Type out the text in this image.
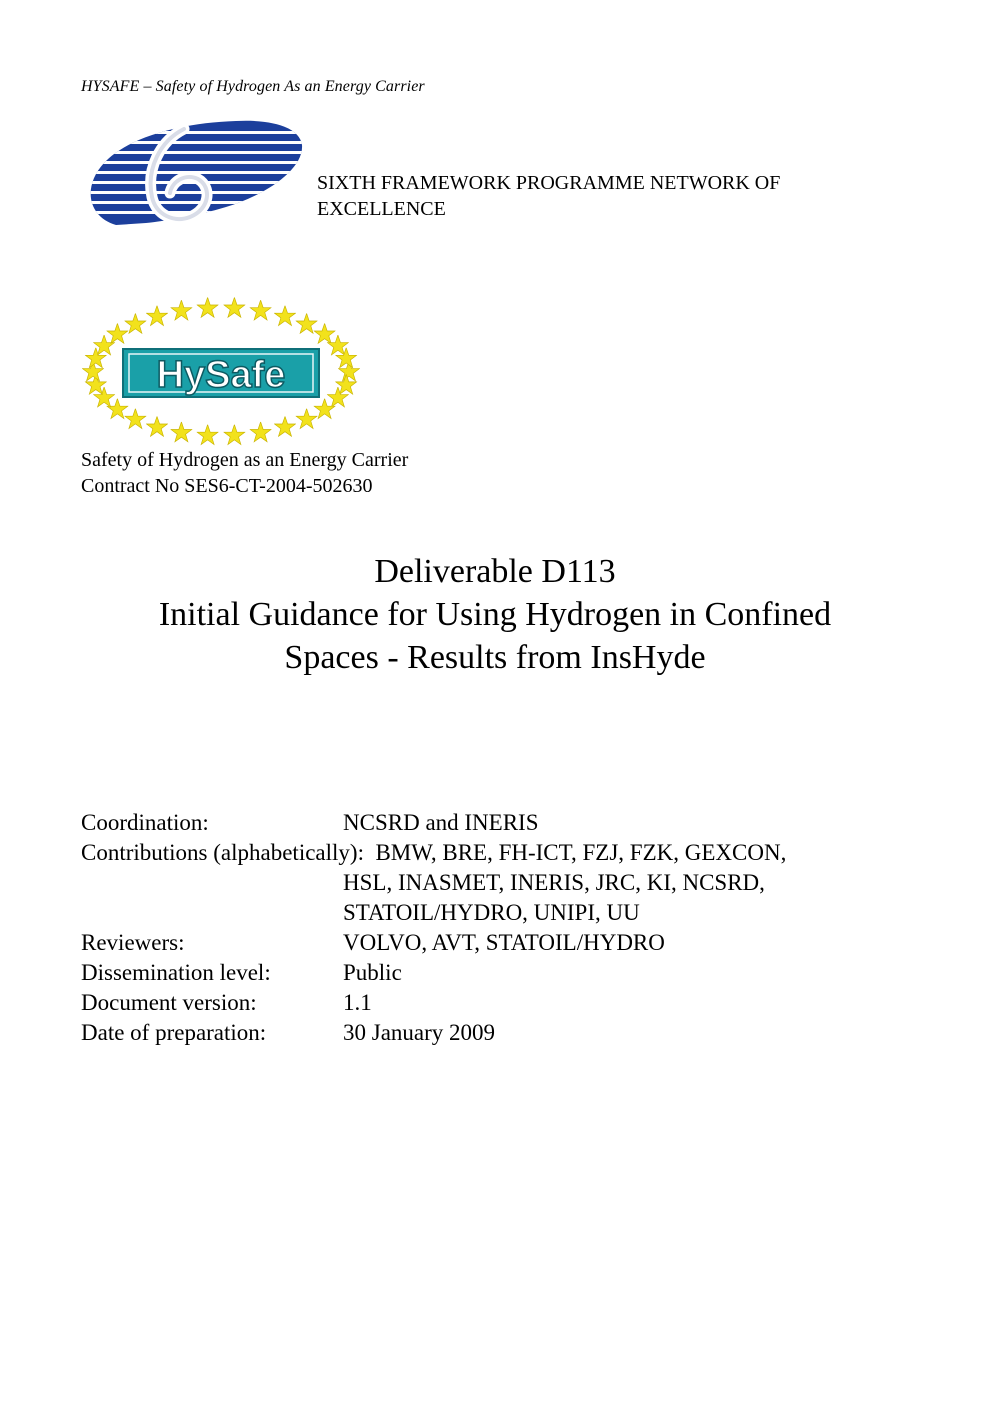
HYSAFE – Safety of Hydrogen As an Energy Carrier
SIXTH FRAMEWORK PROGRAMME NETWORK OF
EXCELLENCE
HySafe
Safety of Hydrogen as an Energy Carrier
Contract No SES6-CT-2004-502630
Deliverable D113
Initial Guidance for Using Hydrogen in Confined
Spaces - Results from InsHyde
Coordination:	NCSRD and INERIS
Contributions (alphabetically): BMW, BRE, FH-ICT, FZJ, FZK, GEXCON,
HSL, INASMET, INERIS, JRC, KI, NCSRD,
STATOIL/HYDRO, UNIPI, UU
Reviewers:	VOLVO, AVT, STATOIL/HYDRO
Dissemination level:	Public
Document version:	1.1
Date of preparation:	30 January 2009
